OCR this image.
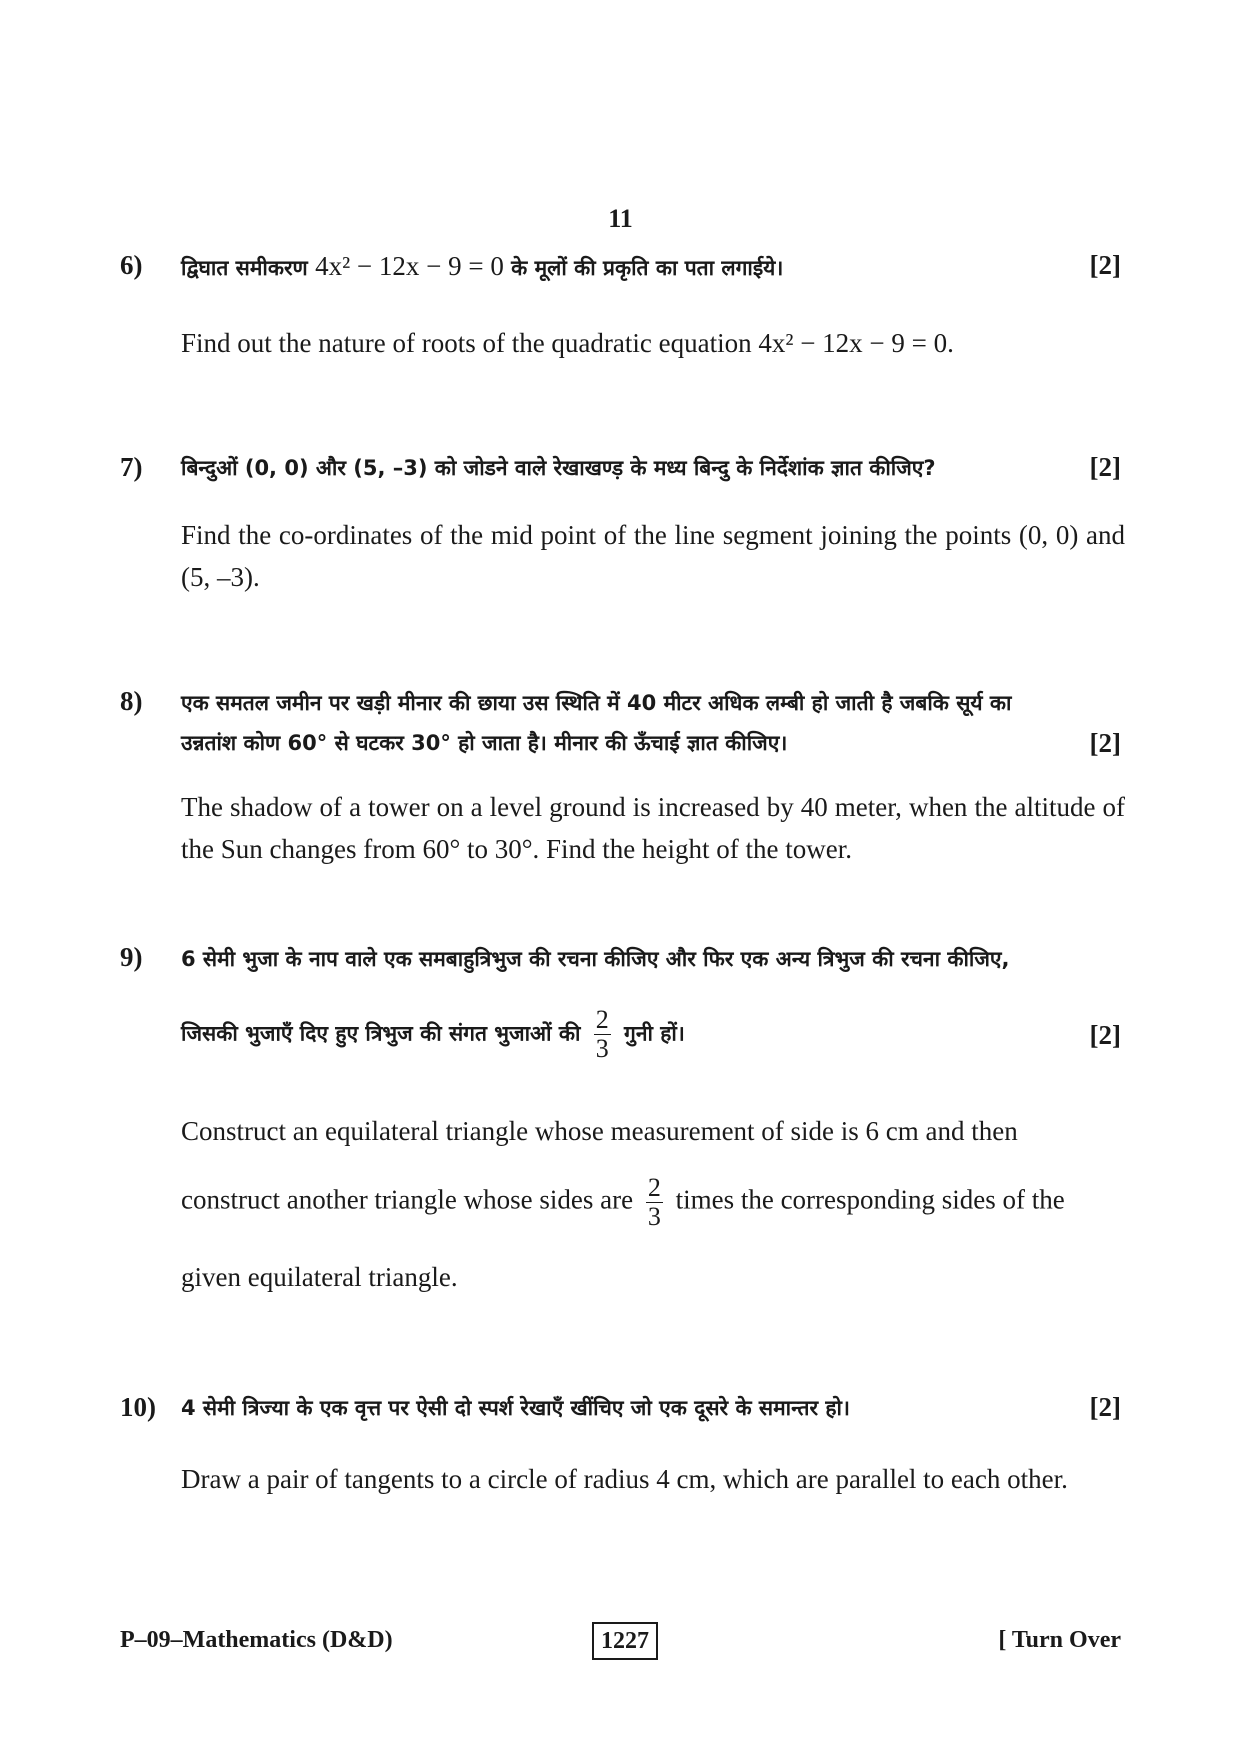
11
6)	[2]
द्विघात समीकरण 4x² − 12x − 9 = 0 के मूलों की प्रकृति का पता लगाईये।
Find out the nature of roots of the quadratic equation 4x² − 12x − 9 = 0.
7)	[2]
बिन्दुओं (0, 0) और (5, –3) को जोडने वाले रेखाखण्ड़ के मध्य बिन्दु के निर्देशांक ज्ञात कीजिए?
Find the co-ordinates of the mid point of the line segment joining the points (0, 0) and (5, –3).
8) एक समतल जमीन पर खड़ी मीनार की छाया उस स्थिति में 40 मीटर अधिक लम्बी हो जाती है जबकि सूर्य का
उन्नतांश कोण 60° से घटकर 30° हो जाता है। मीनार की ऊँचाई ज्ञात कीजिए।	[2]
The shadow of a tower on a level ground is increased by 40 meter, when the altitude of the Sun changes from 60° to 30°. Find the height of the tower.
9) 6 सेमी भुजा के नाप वाले एक समबाहुत्रिभुज की रचना कीजिए और फिर एक अन्य त्रिभुज की रचना कीजिए,
जिसकी भुजाएँ दिए हुए त्रिभुज की संगत भुजाओं की $\frac{2}{3}$ गुनी हों।	[2]
Construct an equilateral triangle whose measurement of side is 6 cm and then
construct another triangle whose sides are $\frac{2}{3}$ times the corresponding sides of the
given equilateral triangle.
10)	[2]
4 सेमी त्रिज्या के एक वृत्त पर ऐसी दो स्पर्श रेखाएँ खींचिए जो एक दूसरे के समान्तर हो।
Draw a pair of tangents to a circle of radius 4 cm, which are parallel to each other.
P–09–Mathematics (D&D)	1227	[ Turn Over
